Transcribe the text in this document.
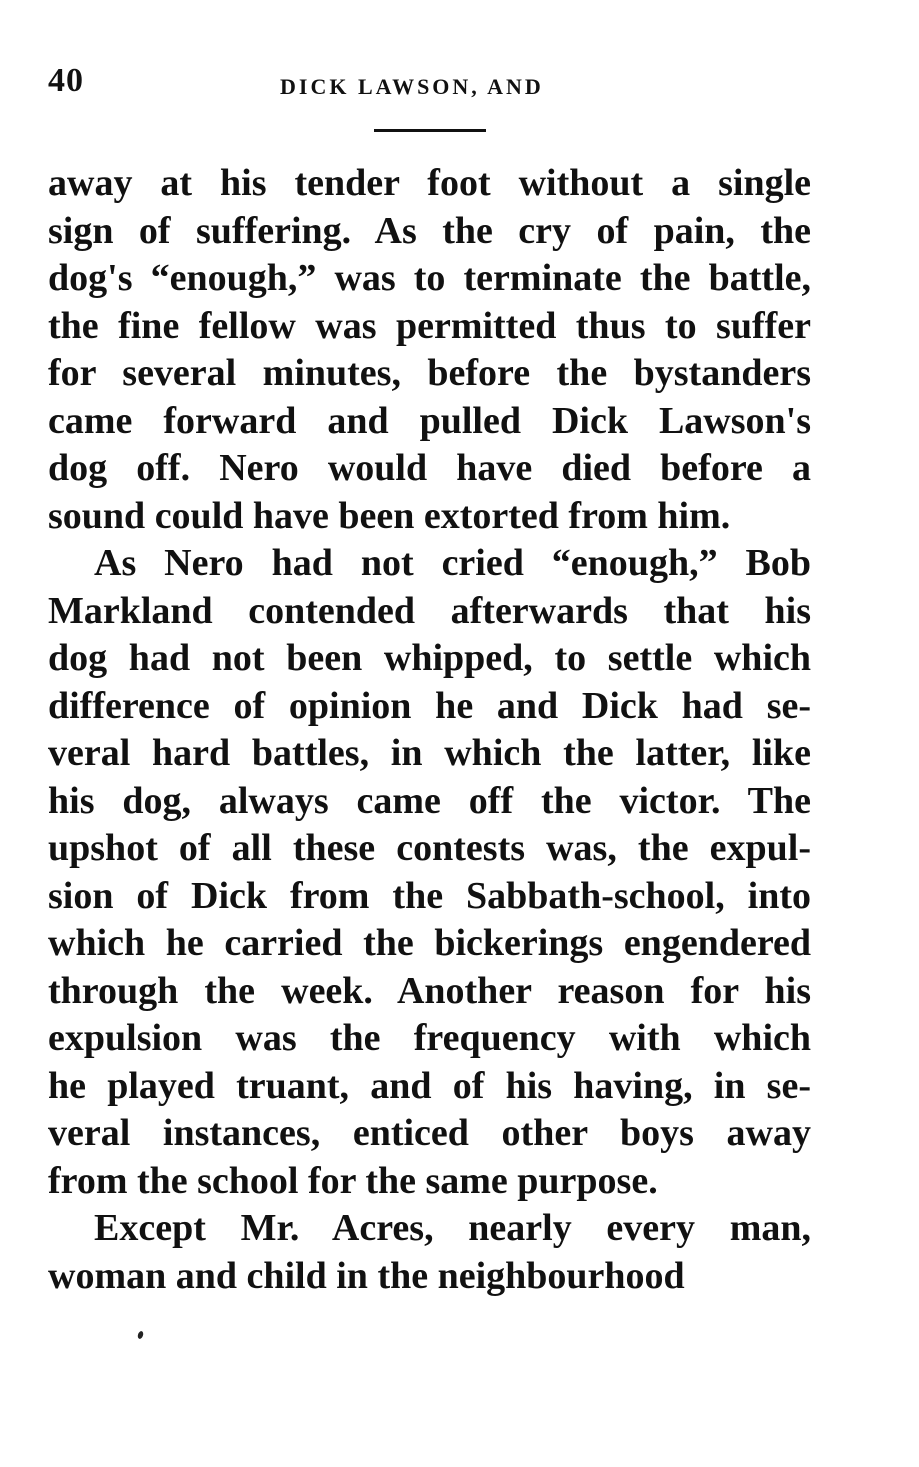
40	DICK LAWSON, AND
away at his tender foot without a single
sign of suffering. As the cry of pain, the
dog's “enough,” was to terminate the battle,
the fine fellow was permitted thus to suffer
for several minutes, before the bystanders
came forward and pulled Dick Lawson's
dog off. Nero would have died before a
sound could have been extorted from him.
As Nero had not cried “enough,” Bob
Markland contended afterwards that his
dog had not been whipped, to settle which
difference of opinion he and Dick had se-
veral hard battles, in which the latter, like
his dog, always came off the victor. The
upshot of all these contests was, the expul-
sion of Dick from the Sabbath-school, into
which he carried the bickerings engendered
through the week. Another reason for his
expulsion was the frequency with which
he played truant, and of his having, in se-
veral instances, enticed other boys away
from the school for the same purpose.
Except Mr. Acres, nearly every man,
woman and child in the neighbourhood
